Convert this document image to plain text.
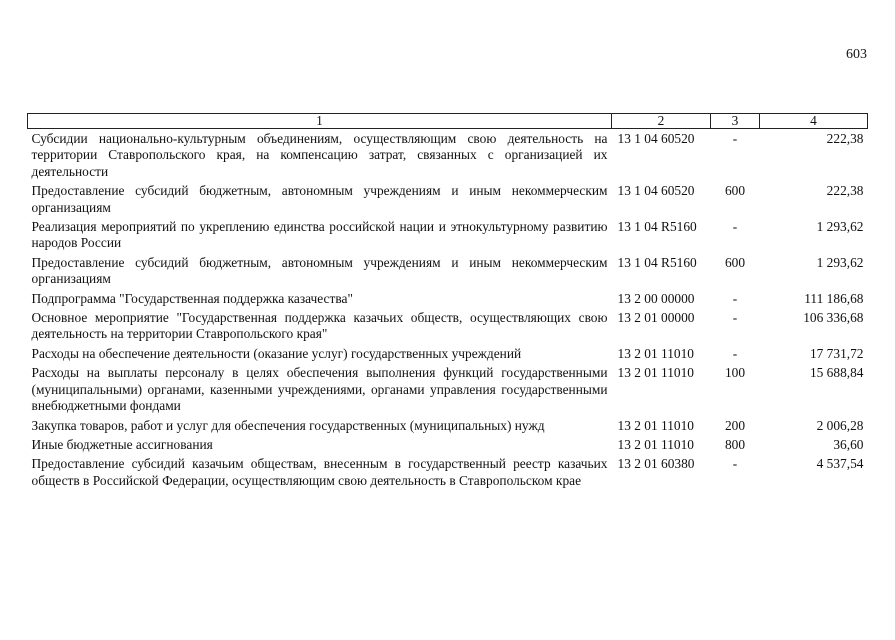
603
1	2	3	4
Субсидии национально-культурным объединениям, осуществляющим свою деятельность на территории Ставропольского края, на компенсацию затрат, связанных с организацией их деятельности	13 1 04 60520	-	222,38
Предоставление субсидий бюджетным, автономным учреждениям и иным некоммерческим организациям	13 1 04 60520	600	222,38
Реализация мероприятий по укреплению единства российской нации и этнокультурному развитию народов России	13 1 04 R5160	-	1 293,62
Предоставление субсидий бюджетным, автономным учреждениям и иным некоммерческим организациям	13 1 04 R5160	600	1 293,62
Подпрограмма "Государственная поддержка казачества"	13 2 00 00000	-	111 186,68
Основное мероприятие "Государственная поддержка казачьих обществ, осуществляющих свою деятельность на территории Ставропольского края"	13 2 01 00000	-	106 336,68
Расходы на обеспечение деятельности (оказание услуг) государственных учреждений	13 2 01 11010	-	17 731,72
Расходы на выплаты персоналу в целях обеспечения выполнения функций государственными (муниципальными) органами, казенными учреждениями, органами управления государственными внебюджетными фондами	13 2 01 11010	100	15 688,84
Закупка товаров, работ и услуг для обеспечения государственных (муниципальных) нужд	13 2 01 11010	200	2 006,28
Иные бюджетные ассигнования	13 2 01 11010	800	36,60
Предоставление субсидий казачьим обществам, внесенным в государственный реестр казачьих обществ в Российской Федерации, осуществляющим свою деятельность в Ставропольском крае	13 2 01 60380	-	4 537,54
